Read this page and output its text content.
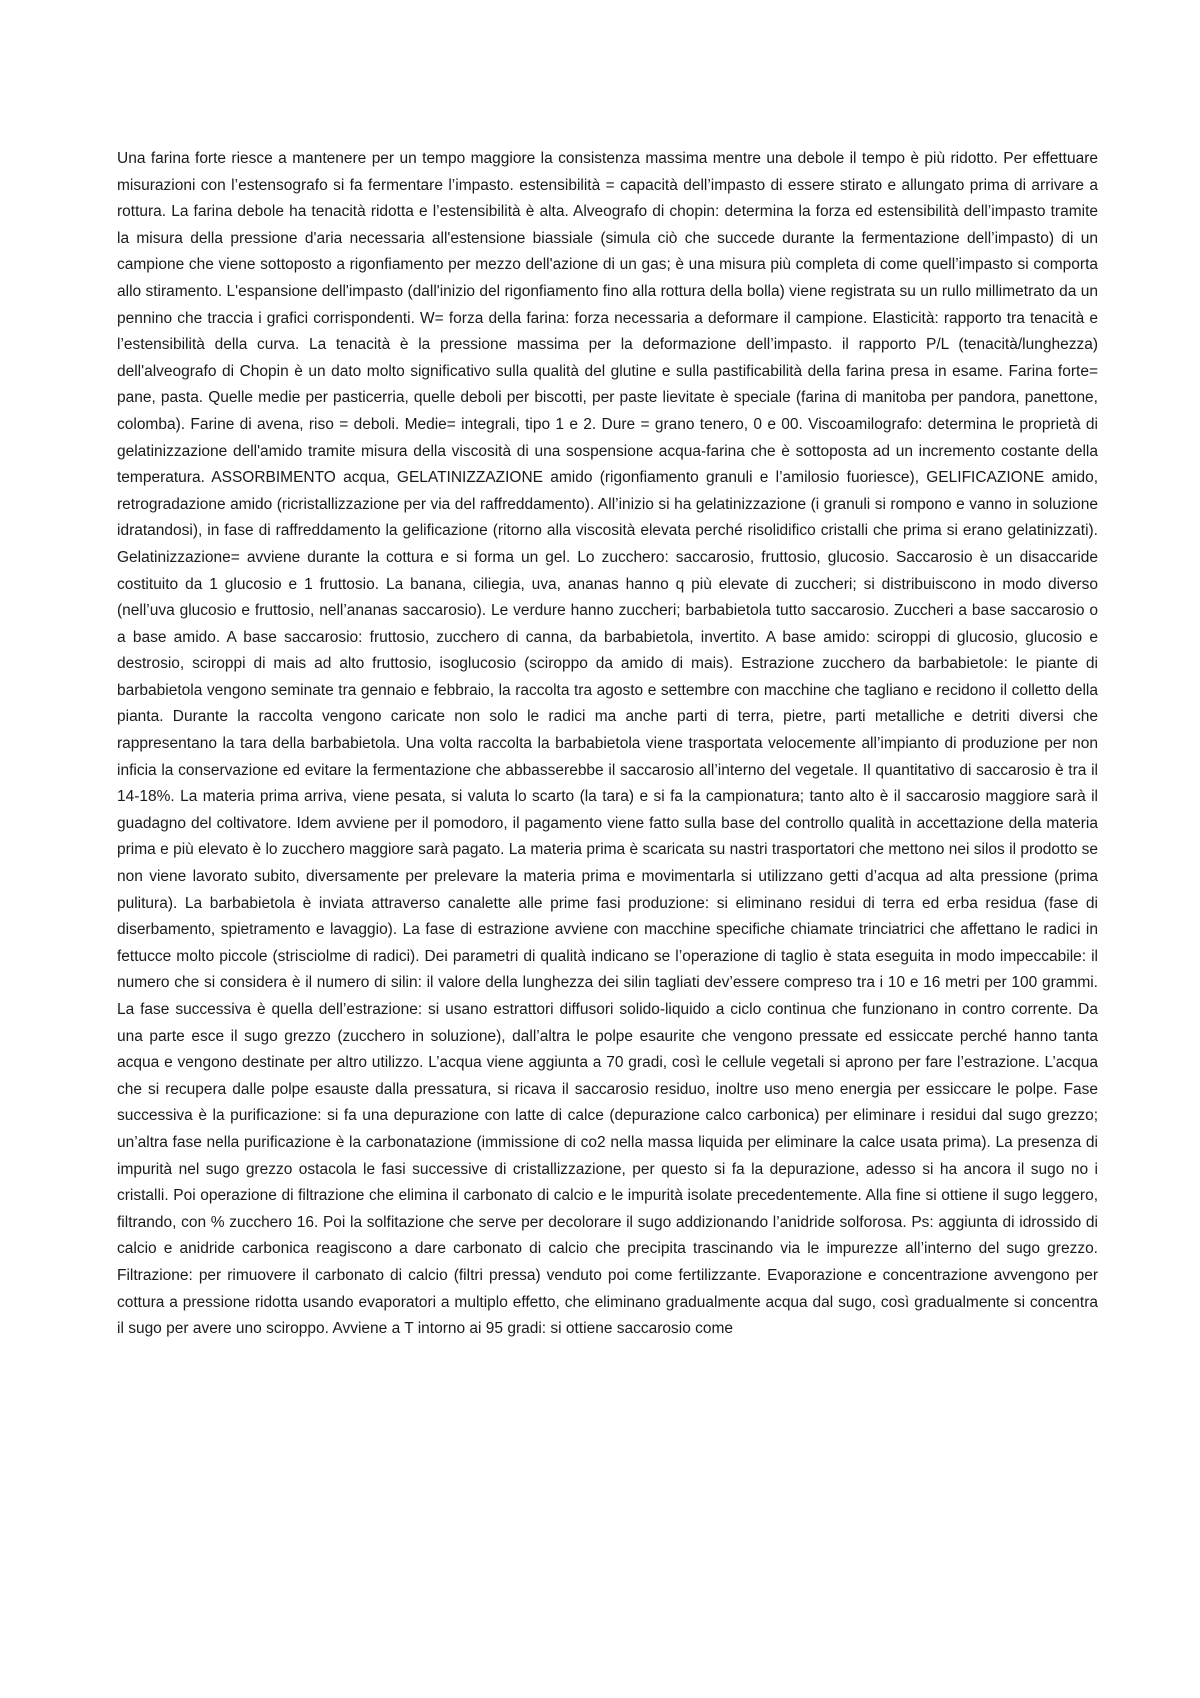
Una farina forte riesce a mantenere per un tempo maggiore la consistenza massima mentre una debole il tempo è più ridotto. Per effettuare misurazioni con l’estensografo si fa fermentare l’impasto. estensibilità = capacità dell’impasto di essere stirato e allungato prima di arrivare a rottura. La farina debole ha tenacità ridotta e l’estensibilità è alta. Alveografo di chopin: determina la forza ed estensibilità dell’impasto tramite la misura della pressione d'aria necessaria all'estensione biassiale (simula ciò che succede durante la fermentazione dell’impasto) di un campione che viene sottoposto a rigonfiamento per mezzo dell'azione di un gas; è una misura più completa di come quell’impasto si comporta allo stiramento. L'espansione dell'impasto (dall'inizio del rigonfiamento fino alla rottura della bolla) viene registrata su un rullo millimetrato da un pennino che traccia i grafici corrispondenti. W= forza della farina: forza necessaria a deformare il campione. Elasticità: rapporto tra tenacità e l’estensibilità della curva. La tenacità è la pressione massima per la deformazione dell’impasto. il rapporto P/L (tenacità/lunghezza) dell'alveografo di Chopin è un dato molto significativo sulla qualità del glutine e sulla pastificabilità della farina presa in esame. Farina forte= pane, pasta. Quelle medie per pasticerria, quelle deboli per biscotti, per paste lievitate è speciale (farina di manitoba per pandora, panettone, colomba). Farine di avena, riso = deboli. Medie= integrali, tipo 1 e 2. Dure = grano tenero, 0 e 00. Viscoamilografo: determina le proprietà di gelatinizzazione dell'amido tramite misura della viscosità di una sospensione acqua-farina che è sottoposta ad un incremento costante della temperatura. ASSORBIMENTO acqua, GELATINIZZAZIONE amido (rigonfiamento granuli e l’amilosio fuoriesce), GELIFICAZIONE amido, retrogradazione amido (ricristallizzazione per via del raffreddamento). All’inizio si ha gelatinizzazione (i granuli si rompono e vanno in soluzione idratandosi), in fase di raffreddamento la gelificazione (ritorno alla viscosità elevata perché risolidifico cristalli che prima si erano gelatinizzati). Gelatinizzazione= avviene durante la cottura e si forma un gel. Lo zucchero: saccarosio, fruttosio, glucosio. Saccarosio è un disaccaride costituito da 1 glucosio e 1 fruttosio. La banana, ciliegia, uva, ananas hanno q più elevate di zuccheri; si distribuiscono in modo diverso (nell’uva glucosio e fruttosio, nell’ananas saccarosio). Le verdure hanno zuccheri; barbabietola tutto saccarosio. Zuccheri a base saccarosio o a base amido. A base saccarosio: fruttosio, zucchero di canna, da barbabietola, invertito. A base amido: sciroppi di glucosio, glucosio e destrosio, sciroppi di mais ad alto fruttosio, isoglucosio (sciroppo da amido di mais). Estrazione zucchero da barbabietole: le piante di barbabietola vengono seminate tra gennaio e febbraio, la raccolta tra agosto e settembre con macchine che tagliano e recidono il colletto della pianta. Durante la raccolta vengono caricate non solo le radici ma anche parti di terra, pietre, parti metalliche e detriti diversi che rappresentano la tara della barbabietola. Una volta raccolta la barbabietola viene trasportata velocemente all’impianto di produzione per non inficia la conservazione ed evitare la fermentazione che abbasserebbe il saccarosio all’interno del vegetale. Il quantitativo di saccarosio è tra il 14-18%. La materia prima arriva, viene pesata, si valuta lo scarto (la tara) e si fa la campionatura; tanto alto è il saccarosio maggiore sarà il guadagno del coltivatore. Idem avviene per il pomodoro, il pagamento viene fatto sulla base del controllo qualità in accettazione della materia prima e più elevato è lo zucchero maggiore sarà pagato. La materia prima è scaricata su nastri trasportatori che mettono nei silos il prodotto se non viene lavorato subito, diversamente per prelevare la materia prima e movimentarla si utilizzano getti d’acqua ad alta pressione (prima pulitura). La barbabietola è inviata attraverso canalette alle prime fasi produzione: si eliminano residui di terra ed erba residua (fase di diserbamento, spietramento e lavaggio). La fase di estrazione avviene con macchine specifiche chiamate trinciatrici che affettano le radici in fettucce molto piccole (strisciolme di radici). Dei parametri di qualità indicano se l’operazione di taglio è stata eseguita in modo impeccabile: il numero che si considera è il numero di silin: il valore della lunghezza dei silin tagliati dev’essere compreso tra i 10 e 16 metri per 100 grammi. La fase successiva è quella dell’estrazione: si usano estrattori diffusori solido-liquido a ciclo continua che funzionano in contro corrente. Da una parte esce il sugo grezzo (zucchero in soluzione), dall’altra le polpe esaurite che vengono pressate ed essiccate perché hanno tanta acqua e vengono destinate per altro utilizzo. L’acqua viene aggiunta a 70 gradi, così le cellule vegetali si aprono per fare l’estrazione. L’acqua che si recupera dalle polpe esauste dalla pressatura, si ricava il saccarosio residuo, inoltre uso meno energia per essiccare le polpe. Fase successiva è la purificazione: si fa una depurazione con latte di calce (depurazione calco carbonica) per eliminare i residui dal sugo grezzo; un’altra fase nella purificazione è la carbonatazione (immissione di co2 nella massa liquida per eliminare la calce usata prima). La presenza di impurità nel sugo grezzo ostacola le fasi successive di cristallizzazione, per questo si fa la depurazione, adesso si ha ancora il sugo no i cristalli. Poi operazione di filtrazione che elimina il carbonato di calcio e le impurità isolate precedentemente. Alla fine si ottiene il sugo leggero, filtrando, con % zucchero 16. Poi la solfitazione che serve per decolorare il sugo addizionando l’anidride solforosa. Ps: aggiunta di idrossido di calcio e anidride carbonica reagiscono a dare carbonato di calcio che precipita trascinando via le impurezze all’interno del sugo grezzo. Filtrazione: per rimuovere il carbonato di calcio (filtri pressa) venduto poi come fertilizzante. Evaporazione e concentrazione avvengono per cottura a pressione ridotta usando evaporatori a multiplo effetto, che eliminano gradualmente acqua dal sugo, così gradualmente si concentra il sugo per avere uno sciroppo. Avviene a T intorno ai 95 gradi: si ottiene saccarosio come
